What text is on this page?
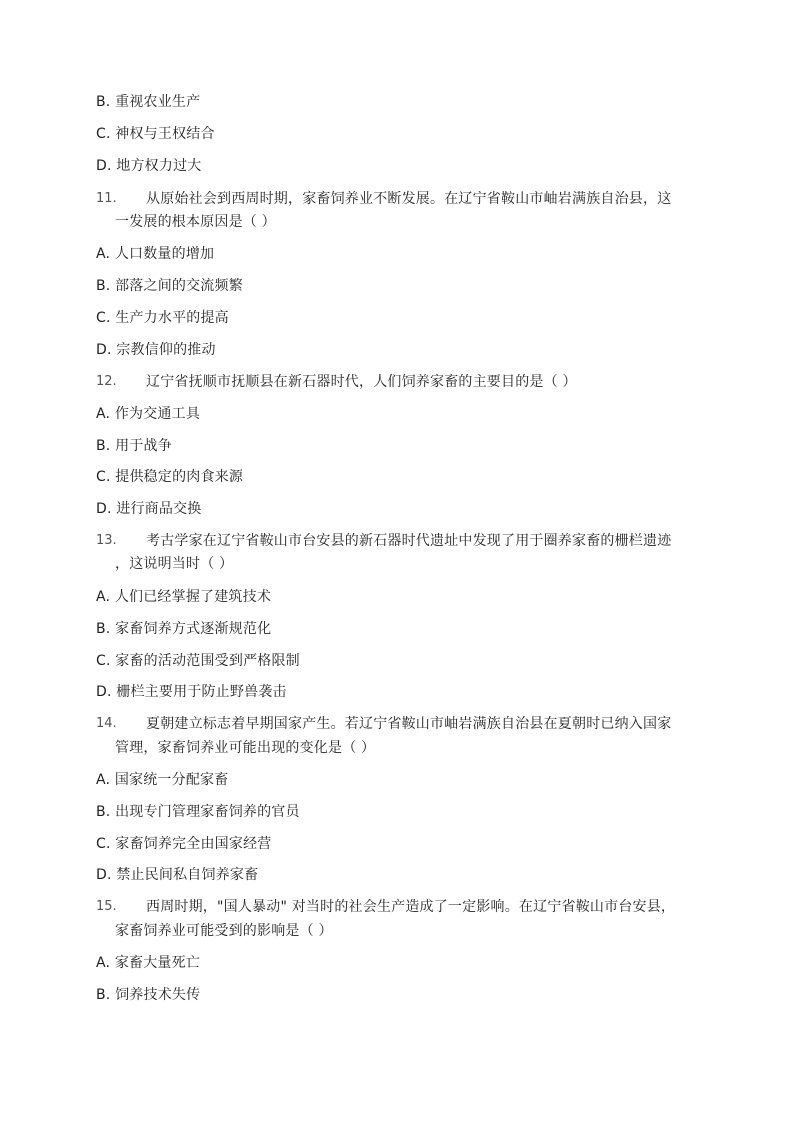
B. 重视农业生产
C. 神权与王权结合
D. 地方权力过大
11. 从原始社会到西周时期，家畜饲养业不断发展。在辽宁省鞍山市岫岩满族自治县，这
一发展的根本原因是（ ）
A. 人口数量的增加
B. 部落之间的交流频繁
C. 生产力水平的提高
D. 宗教信仰的推动
12. 辽宁省抚顺市抚顺县在新石器时代，人们饲养家畜的主要目的是（ ）
A. 作为交通工具
B. 用于战争
C. 提供稳定的肉食来源
D. 进行商品交换
13. 考古学家在辽宁省鞍山市台安县的新石器时代遗址中发现了用于圈养家畜的栅栏遗迹
，这说明当时（ ）
A. 人们已经掌握了建筑技术
B. 家畜饲养方式逐渐规范化
C. 家畜的活动范围受到严格限制
D. 栅栏主要用于防止野兽袭击
14. 夏朝建立标志着早期国家产生。若辽宁省鞍山市岫岩满族自治县在夏朝时已纳入国家
管理，家畜饲养业可能出现的变化是（ ）
A. 国家统一分配家畜
B. 出现专门管理家畜饲养的官员
C. 家畜饲养完全由国家经营
D. 禁止民间私自饲养家畜
15. 西周时期，"国人暴动" 对当时的社会生产造成了一定影响。在辽宁省鞍山市台安县，
家畜饲养业可能受到的影响是（ ）
A. 家畜大量死亡
B. 饲养技术失传
